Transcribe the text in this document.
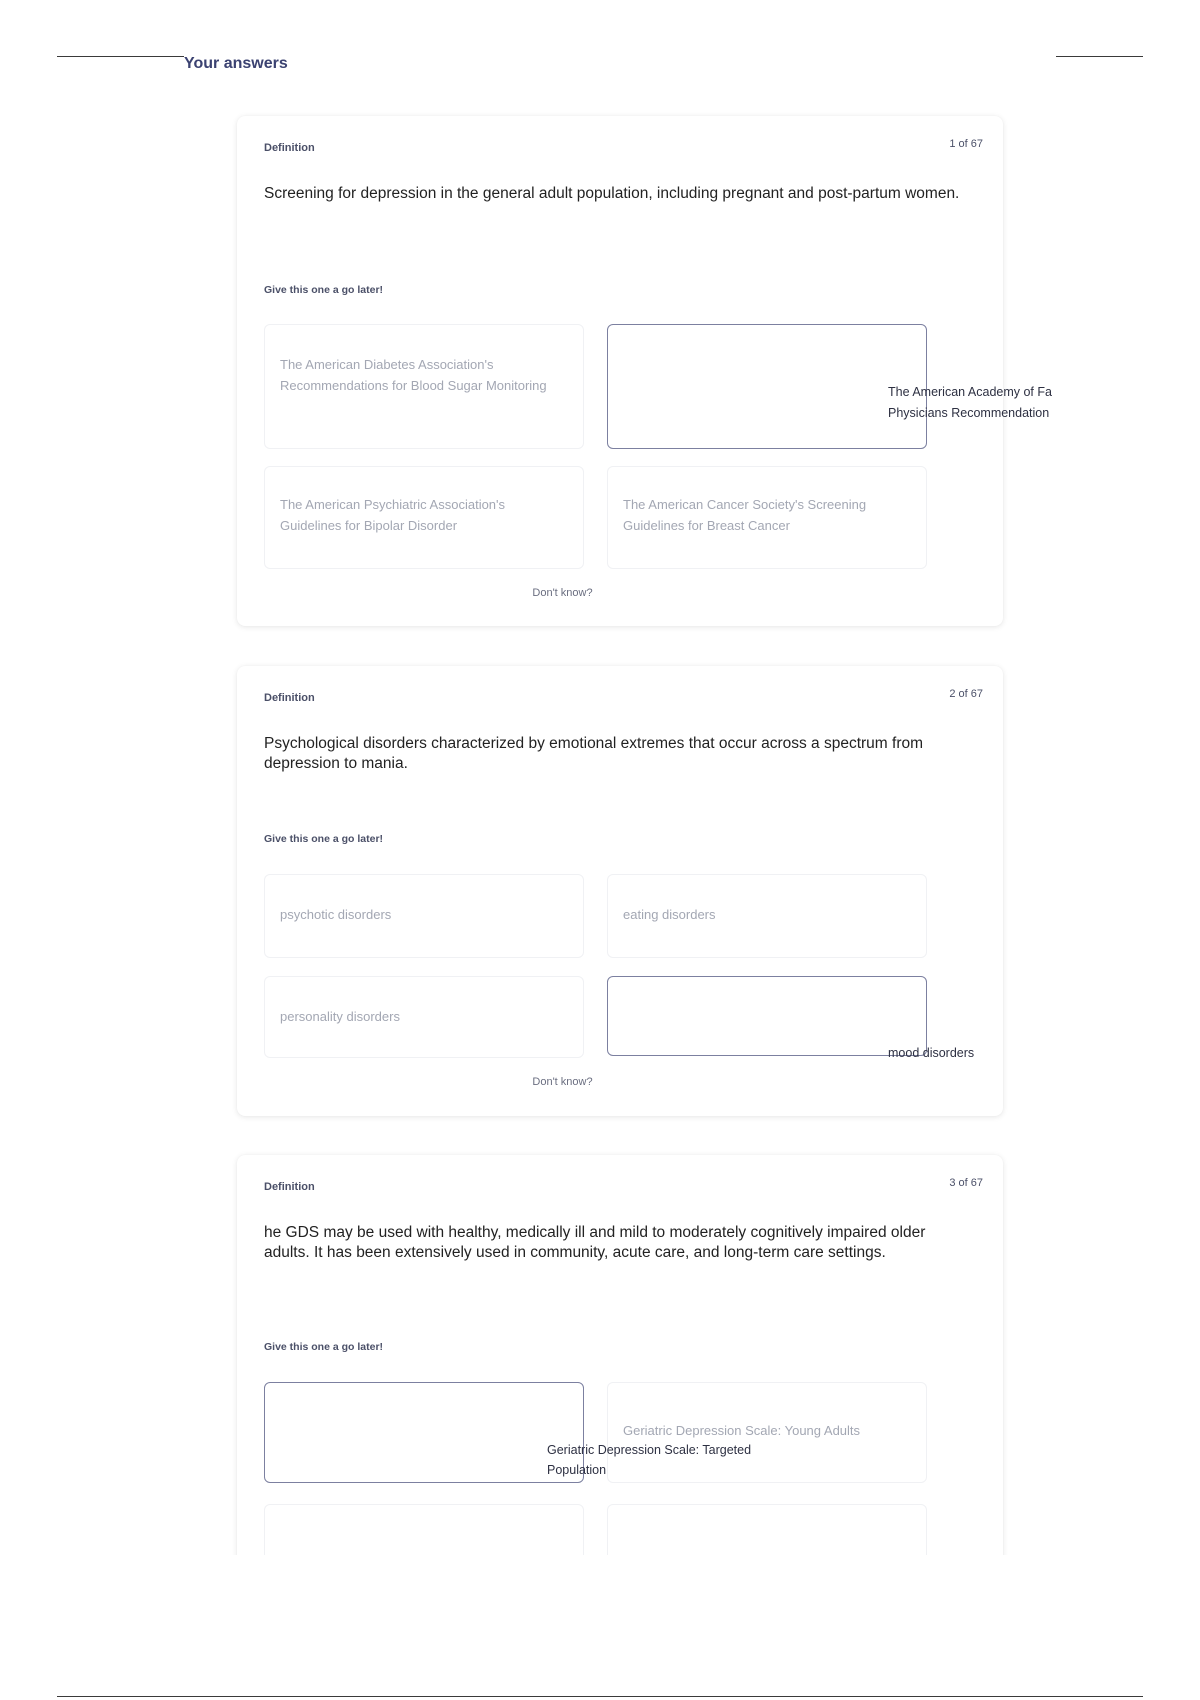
Your answers
Definition	1 of 67
Screening for depression in the general adult population, including pregnant and post-partum women.
Give this one a go later!
The American Diabetes Association's Recommendations for Blood Sugar Monitoring
The American Psychiatric Association's Guidelines for Bipolar Disorder
The American Cancer Society's Screening Guidelines for Breast Cancer
Don't know?
The American Academy of Fa
Physicians Recommendation
Definition	2 of 67
Psychological disorders characterized by emotional extremes that occur across a spectrum from depression to mania.
Give this one a go later!
psychotic disorders	eating disorders
personality disorders
Don't know?
mood disorders
Definition	3 of 67
he GDS may be used with healthy, medically ill and mild to moderately cognitively impaired older adults. It has been extensively used in community, acute care, and long-term care settings.
Give this one a go later!
Geriatric Depression Scale: Young Adults
Geriatric Depression Scale: Targeted
Population
